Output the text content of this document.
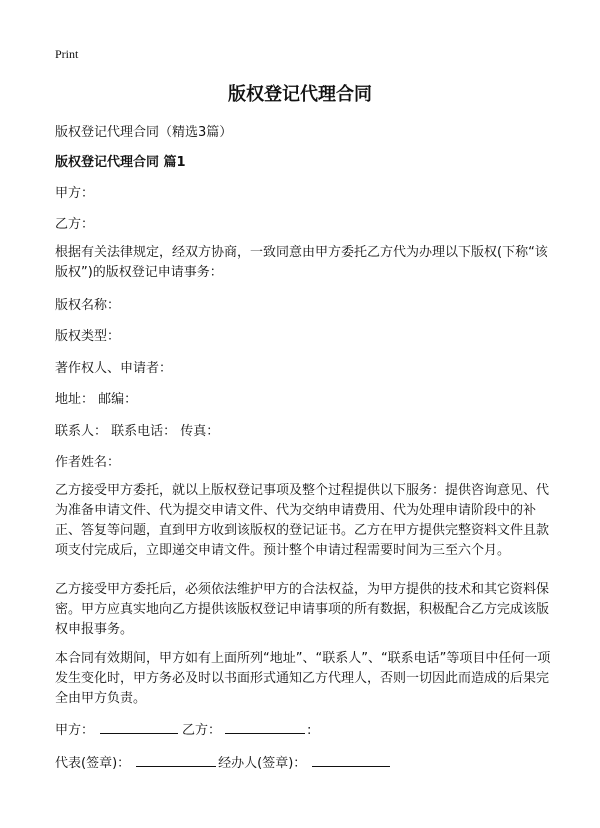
Print
版权登记代理合同

版权登记代理合同（精选3篇）

版权登记代理合同 篇1

甲方：

乙方：

根据有关法律规定，经双方协商，一致同意由甲方委托乙方代为办理以下版权(下称“该版权”)的版权登记申请事务：

版权名称：

版权类型：

著作权人、申请者：

地址： 邮编：

联系人： 联系电话： 传真：

作者姓名：

乙方接受甲方委托，就以上版权登记事项及整个过程提供以下服务：提供咨询意见、代为准备申请文件、代为提交申请文件、代为交纳申请费用、代为处理申请阶段中的补正、答复等问题，直到甲方收到该版权的登记证书。乙方在甲方提供完整资料文件且款项支付完成后，立即递交申请文件。预计整个申请过程需要时间为三至六个月。

乙方接受甲方委托后，必须依法维护甲方的合法权益，为甲方提供的技术和其它资料保密。甲方应真实地向乙方提供该版权登记申请事项的所有数据，积极配合乙方完成该版权申报事务。

本合同有效期间，甲方如有上面所列“地址”、“联系人”、“联系电话”等项目中任何一项发生变化时，甲方务必及时以书面形式通知乙方代理人，否则一切因此而造成的后果完全由甲方负责。

甲方：	乙方：	:
代表(签章)：	经办人(签章)：
